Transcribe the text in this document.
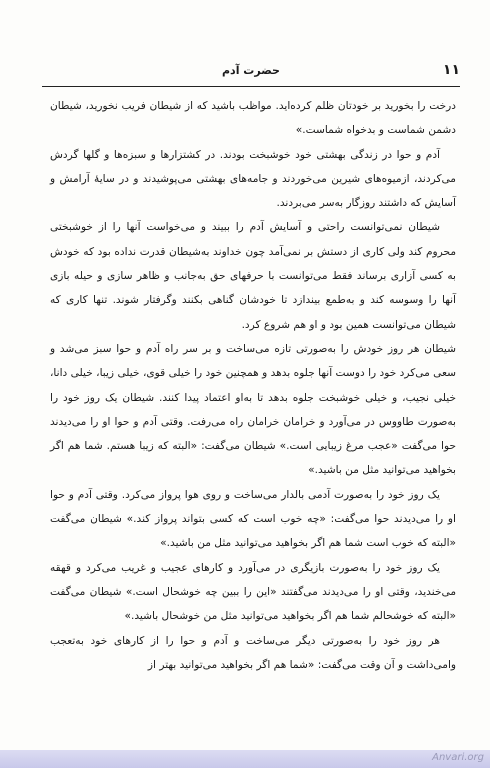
۱۱
حضرت آدم

درخت را بخورید بر خودتان ظلم کرده‌اید. مواظب باشید که از شیطان فریب نخورید، شیطان دشمن شماست و بدخواه شماست.»

آدم و حوا در زندگی بهشتی خود خوشبخت بودند. در کشتزارها و سبزه‌ها و گلها گردش می‌کردند، ازمیوه‌های شیرین می‌خوردند و جامه‌های بهشتی می‌پوشیدند و در سایهٔ آرامش و آسایش که داشتند روزگار به‌سر می‌بردند.

شیطان نمی‌توانست راحتی و آسایش آدم را ببیند و می‌خواست آنها را از خوشبختی محروم کند ولی کاری از دستش بر نمی‌آمد چون خداوند به‌شیطان قدرت نداده بود که خودش به کسی آزاری برساند فقط می‌توانست با حرفهای حق به‌جانب و ظاهر سازی و حیله بازی آنها را وسوسه کند و به‌طمع بیندازد تا خودشان گناهی بکنند وگرفتار شوند. تنها کاری که شیطان می‌توانست همین بود و او هم شروع کرد.

شیطان هر روز خودش را به‌صورتی تازه می‌ساخت و بر سر راه آدم و حوا سبز می‌شد و سعی می‌کرد خود را دوست آنها جلوه بدهد و همچنین خود را خیلی قوی، خیلی زیبا، خیلی دانا، خیلی نجیب، و خیلی خوشبخت جلوه بدهد تا به‌او اعتماد پیدا کنند. شیطان یک روز خود را به‌صورت طاووس در می‌آورد و خرامان خرامان راه می‌رفت. وقتی آدم و حوا او را می‌دیدند حوا می‌گفت «عجب مرغ زیبایی است.» شیطان می‌گفت: «البته که زیبا هستم. شما هم اگر بخواهید می‌توانید مثل من باشید.»

یک روز خود را به‌صورت آدمی بالدار می‌ساخت و روی هوا پرواز می‌کرد. وقتی آدم و حوا او را می‌دیدند حوا می‌گفت: «چه خوب است که کسی بتواند پرواز کند.» شیطان می‌گفت «البته که خوب است شما هم اگر بخواهید می‌توانید مثل من باشید.»

یک روز خود را به‌صورت بازیگری در می‌آورد و کارهای عجیب و غریب می‌کرد و قهقه می‌خندید، وقتی او را می‌دیدند می‌گفتند «این را ببین چه خوشحال است.» شیطان می‌گفت «البته که خوشحالم شما هم اگر بخواهید می‌توانید مثل من خوشحال باشید.»

هر روز خود را به‌صورتی دیگر می‌ساخت و آدم و حوا را از کارهای خود به‌تعجب وامی‌داشت و آن وقت می‌گفت: «شما هم اگر بخواهید می‌توانید بهتر از

Anvari.org
